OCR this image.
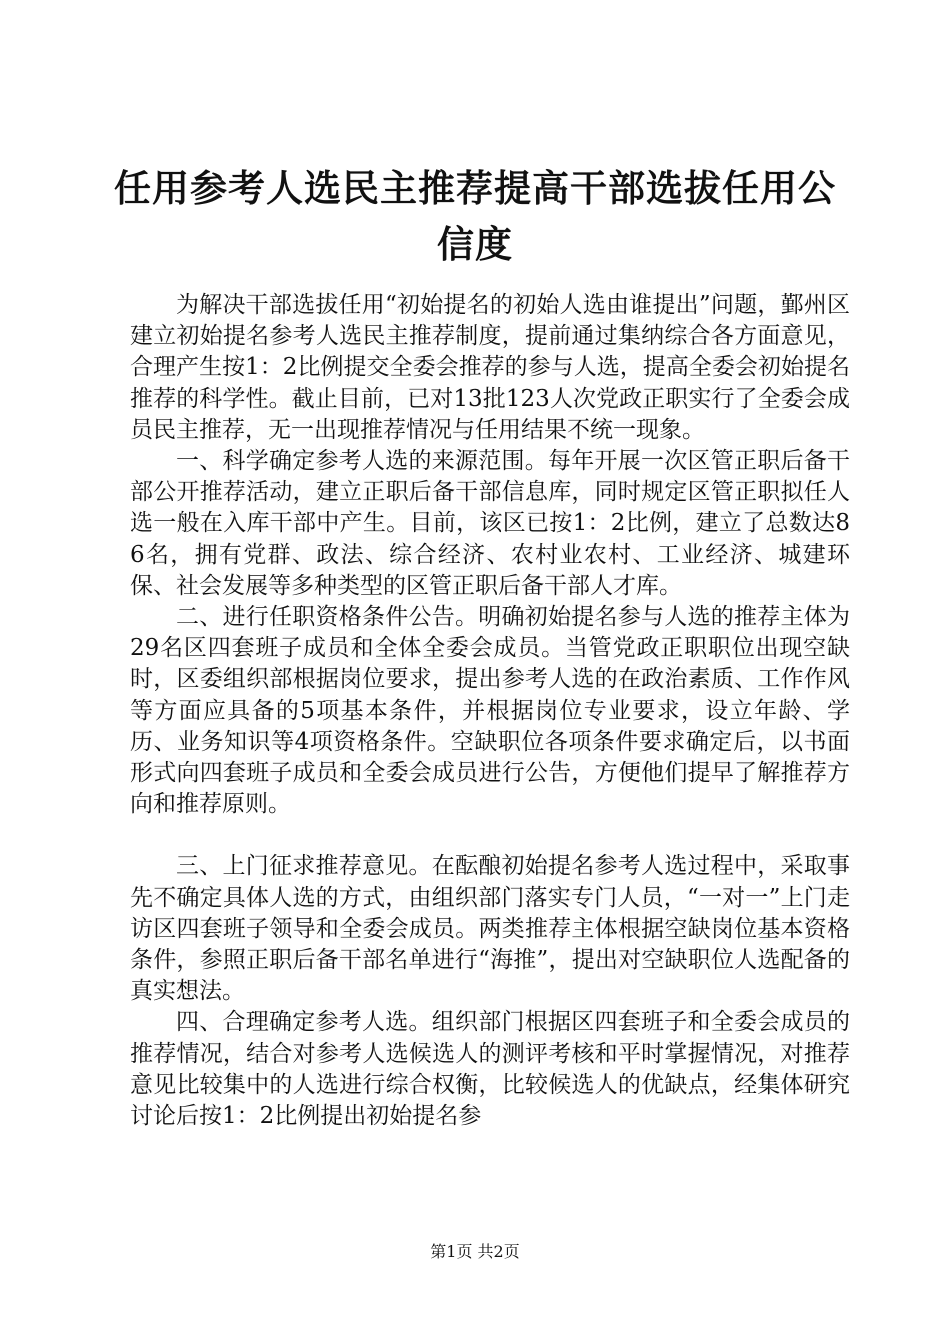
任用参考人选民主推荐提高干部选拔任用公信度

为解决干部选拔任用“初始提名的初始人选由谁提出”问题，鄞州区建立初始提名参考人选民主推荐制度，提前通过集纳综合各方面意见，合理产生按1：2比例提交全委会推荐的参与人选，提高全委会初始提名推荐的科学性。截止目前，已对13批123人次党政正职实行了全委会成员民主推荐，无一出现推荐情况与任用结果不统一现象。

一、科学确定参考人选的来源范围。每年开展一次区管正职后备干部公开推荐活动，建立正职后备干部信息库，同时规定区管正职拟任人选一般在入库干部中产生。目前，该区已按1：2比例，建立了总数达86名，拥有党群、政法、综合经济、农村业农村、工业经济、城建环保、社会发展等多种类型的区管正职后备干部人才库。

二、进行任职资格条件公告。明确初始提名参与人选的推荐主体为29名区四套班子成员和全体全委会成员。当管党政正职职位出现空缺时，区委组织部根据岗位要求，提出参考人选的在政治素质、工作作风等方面应具备的5项基本条件，并根据岗位专业要求，设立年龄、学历、业务知识等4项资格条件。空缺职位各项条件要求确定后，以书面形式向四套班子成员和全委会成员进行公告，方便他们提早了解推荐方向和推荐原则。

三、上门征求推荐意见。在酝酿初始提名参考人选过程中，采取事先不确定具体人选的方式，由组织部门落实专门人员，“一对一”上门走访区四套班子领导和全委会成员。两类推荐主体根据空缺岗位基本资格条件，参照正职后备干部名单进行“海推”，提出对空缺职位人选配备的真实想法。

四、合理确定参考人选。组织部门根据区四套班子和全委会成员的推荐情况，结合对参考人选候选人的测评考核和平时掌握情况，对推荐意见比较集中的人选进行综合权衡，比较候选人的优缺点，经集体研究讨论后按1：2比例提出初始提名参

第1页 共2页
